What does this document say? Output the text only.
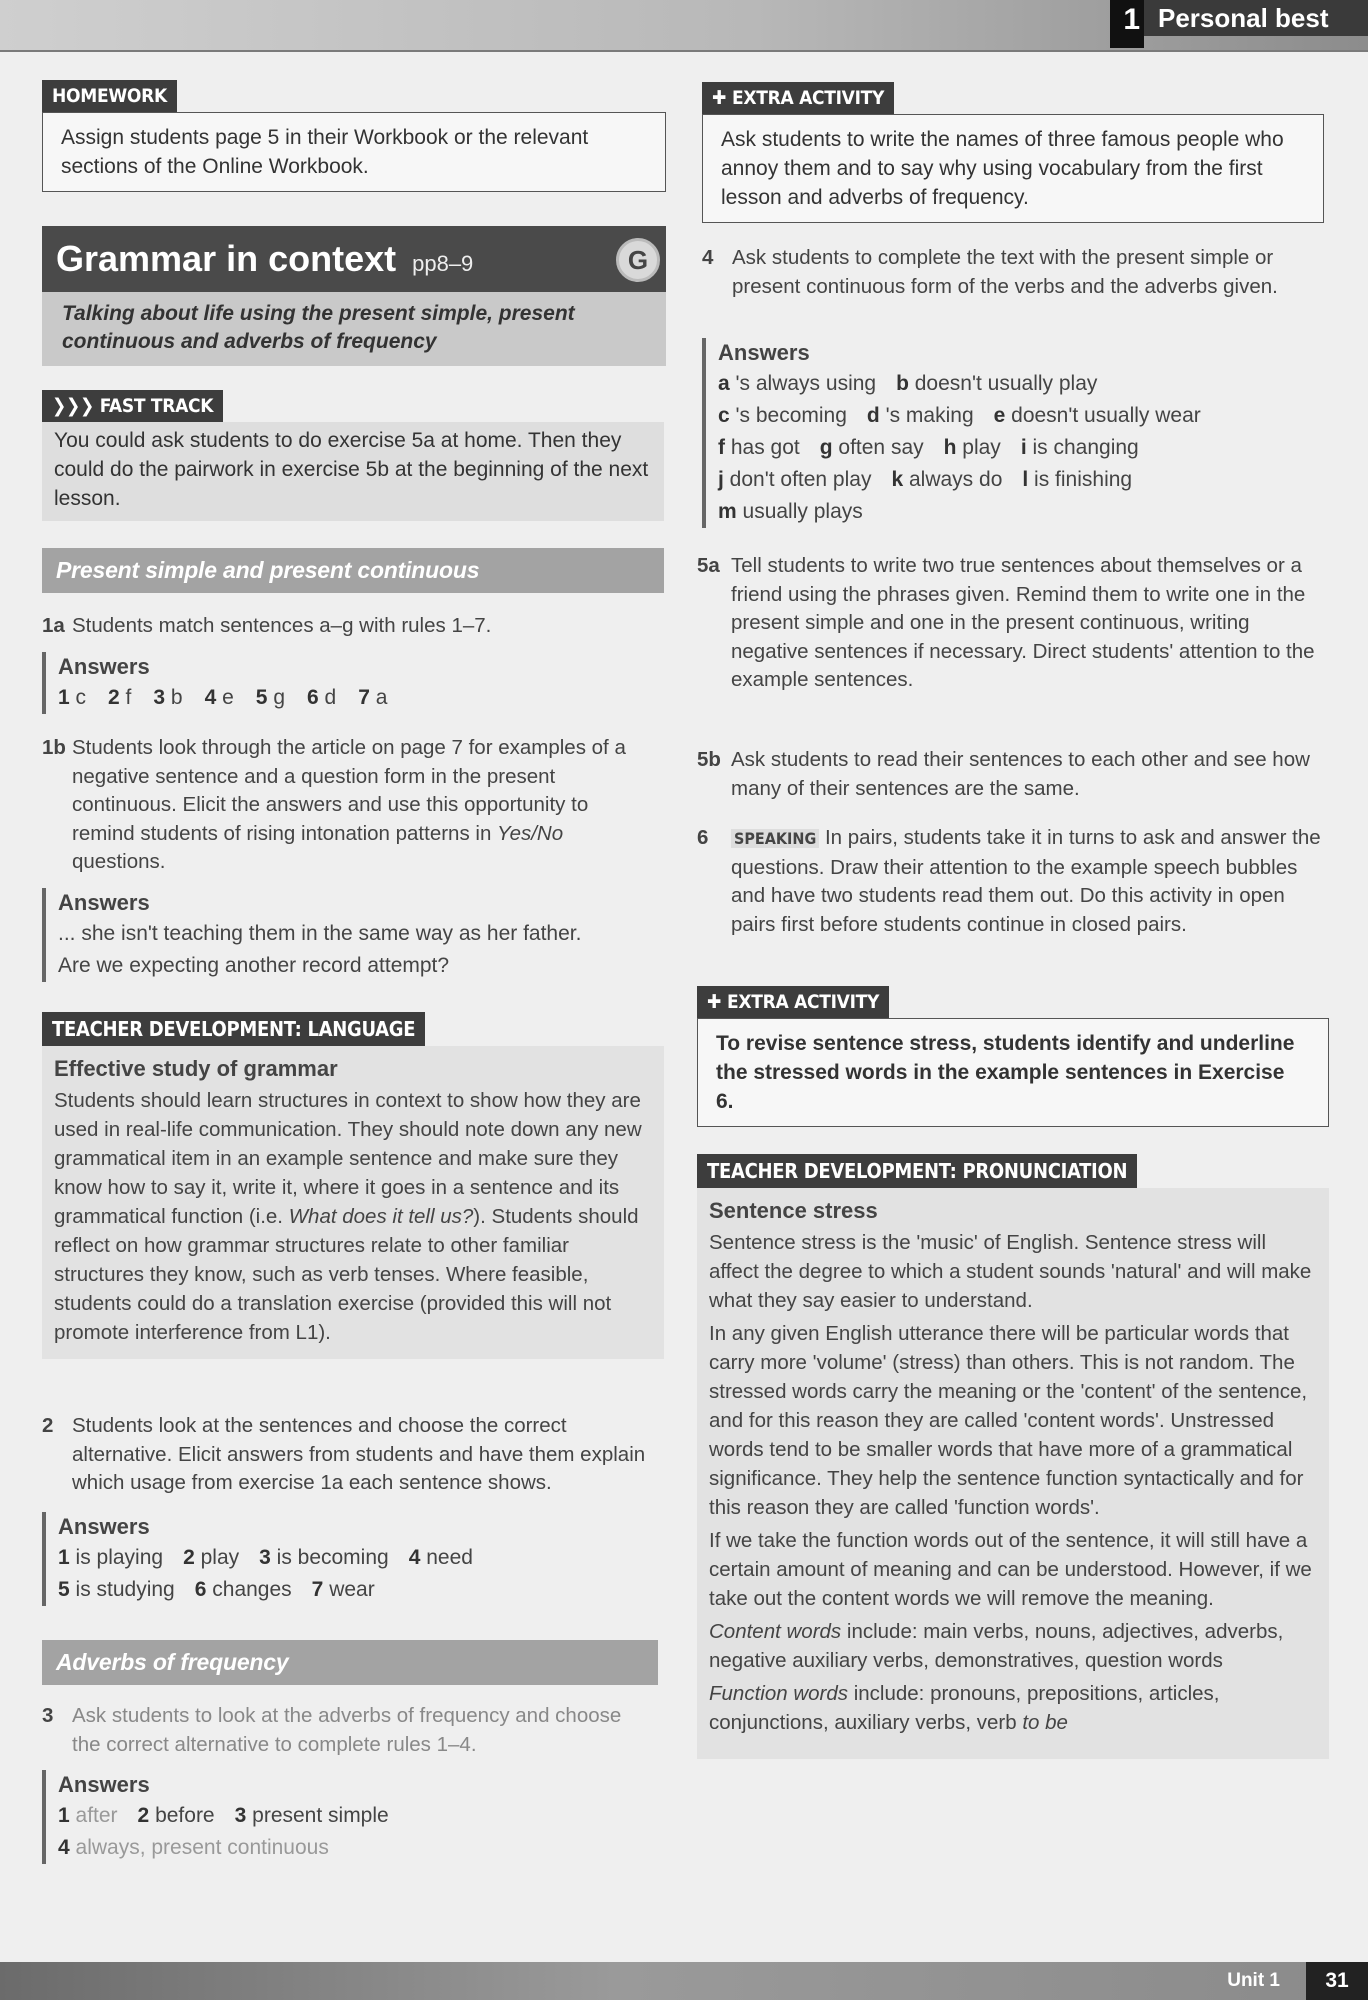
1 Personal best
HOMEWORK
Assign students page 5 in their Workbook or the relevant sections of the Online Workbook.
Grammar in context pp8–9	G
Talking about life using the present simple, present continuous and adverbs of frequency
❯❯❯ FAST TRACK
You could ask students to do exercise 5a at home. Then they could do the pairwork in exercise 5b at the beginning of the next lesson.
Present simple and present continuous
1a Students match sentences a–g with rules 1–7.
Answers
1 c 2 f 3 b 4 e 5 g 6 d 7 a
1b Students look through the article on page 7 for examples of a negative sentence and a question form in the present continuous. Elicit the answers and use this opportunity to remind students of rising intonation patterns in Yes/No questions.
Answers
... she isn't teaching them in the same way as her father.
Are we expecting another record attempt?
TEACHER DEVELOPMENT: LANGUAGE
Effective study of grammar
Students should learn structures in context to show how they are used in real-life communication. They should note down any new grammatical item in an example sentence and make sure they know how to say it, write it, where it goes in a sentence and its grammatical function (i.e. What does it tell us?). Students should reflect on how grammar structures relate to other familiar structures they know, such as verb tenses. Where feasible, students could do a translation exercise (provided this will not promote interference from L1).
2 Students look at the sentences and choose the correct alternative. Elicit answers from students and have them explain which usage from exercise 1a each sentence shows.
Answers
1 is playing 2 play 3 is becoming 4 need
5 is studying 6 changes 7 wear
Adverbs of frequency
3 Ask students to look at the adverbs of frequency and choose the correct alternative to complete rules 1–4.
Answers
1 after 2 before 3 present simple
4 always, present continuous
✚ EXTRA ACTIVITY
Ask students to write the names of three famous people who annoy them and to say why using vocabulary from the first lesson and adverbs of frequency.
4 Ask students to complete the text with the present simple or present continuous form of the verbs and the adverbs given.
Answers
a 's always using b doesn't usually play
c 's becoming d 's making e doesn't usually wear
f has got g often say h play i is changing
j don't often play k always do l is finishing
m usually plays
5a Tell students to write two true sentences about themselves or a friend using the phrases given. Remind them to write one in the present simple and one in the present continuous, writing negative sentences if necessary. Direct students' attention to the example sentences.
5b Ask students to read their sentences to each other and see how many of their sentences are the same.
6	SPEAKING In pairs, students take it in turns to ask and answer the questions. Draw their attention to the example speech bubbles and have two students read them out. Do this activity in open pairs first before students continue in closed pairs.
✚ EXTRA ACTIVITY
To revise sentence stress, students identify and underline the stressed words in the example sentences in Exercise 6.
TEACHER DEVELOPMENT: PRONUNCIATION
Sentence stress

Sentence stress is the 'music' of English. Sentence stress will affect the degree to which a student sounds 'natural' and will make what they say easier to understand.

In any given English utterance there will be particular words that carry more 'volume' (stress) than others. This is not random. The stressed words carry the meaning or the 'content' of the sentence, and for this reason they are called 'content words'. Unstressed words tend to be smaller words that have more of a grammatical significance. They help the sentence function syntactically and for this reason they are called 'function words'.

If we take the function words out of the sentence, it will still have a certain amount of meaning and can be understood. However, if we take out the content words we will remove the meaning.

Content words include: main verbs, nouns, adjectives, adverbs, negative auxiliary verbs, demonstratives, question words

Function words include: pronouns, prepositions, articles, conjunctions, auxiliary verbs, verb to be

Unit 1	31
